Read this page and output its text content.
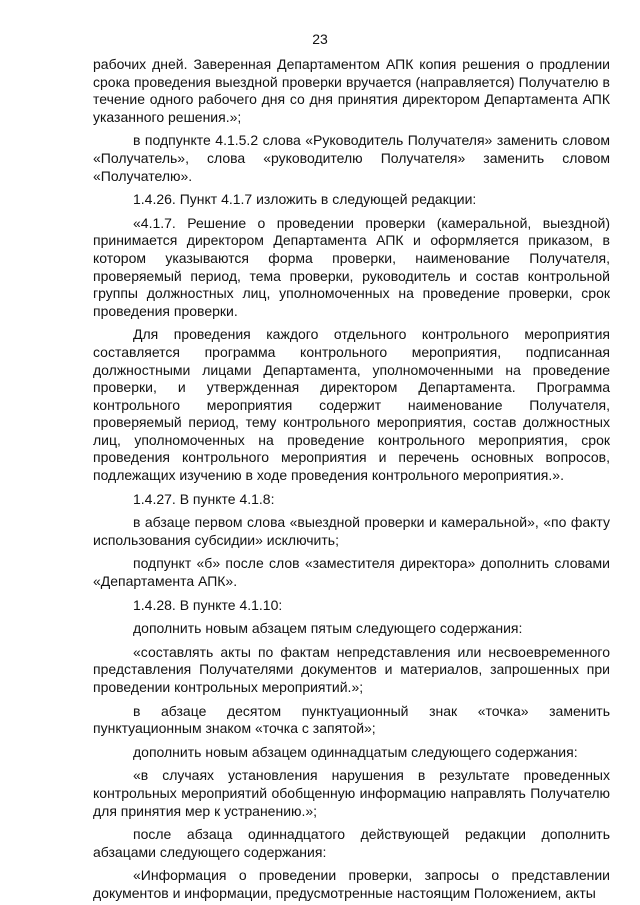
23

рабочих дней. Заверенная Департаментом АПК копия решения о продлении срока проведения выездной проверки вручается (направляется) Получателю в течение одного рабочего дня со дня принятия директором Департамента АПК указанного решения.»;

в подпункте 4.1.5.2 слова «Руководитель Получателя» заменить словом «Получатель», слова «руководителю Получателя» заменить словом «Получателю».

1.4.26. Пункт 4.1.7 изложить в следующей редакции:

«4.1.7. Решение о проведении проверки (камеральной, выездной) принимается директором Департамента АПК и оформляется приказом, в котором указываются форма проверки, наименование Получателя, проверяемый период, тема проверки, руководитель и состав контрольной группы должностных лиц, уполномоченных на проведение проверки, срок проведения проверки.

Для проведения каждого отдельного контрольного мероприятия составляется программа контрольного мероприятия, подписанная должностными лицами Департамента, уполномоченными на проведение проверки, и утвержденная директором Департамента. Программа контрольного мероприятия содержит наименование Получателя, проверяемый период, тему контрольного мероприятия, состав должностных лиц, уполномоченных на проведение контрольного мероприятия, срок проведения контрольного мероприятия и перечень основных вопросов, подлежащих изучению в ходе проведения контрольного мероприятия.».

1.4.27. В пункте 4.1.8:

в абзаце первом слова «выездной проверки и камеральной», «по факту использования субсидии» исключить;

подпункт «б» после слов «заместителя директора» дополнить словами «Департамента АПК».

1.4.28. В пункте 4.1.10:

дополнить новым абзацем пятым следующего содержания:

«составлять акты по фактам непредставления или несвоевременного представления Получателями документов и материалов, запрошенных при проведении контрольных мероприятий.»;

в абзаце десятом пунктуационный знак «точка» заменить пунктуационным знаком «точка с запятой»;

дополнить новым абзацем одиннадцатым следующего содержания:

«в случаях установления нарушения в результате проведенных контрольных мероприятий обобщенную информацию направлять Получателю для принятия мер к устранению.»;

после абзаца одиннадцатого действующей редакции дополнить абзацами следующего содержания:

«Информация о проведении проверки, запросы о представлении документов и информации, предусмотренные настоящим Положением, акты
